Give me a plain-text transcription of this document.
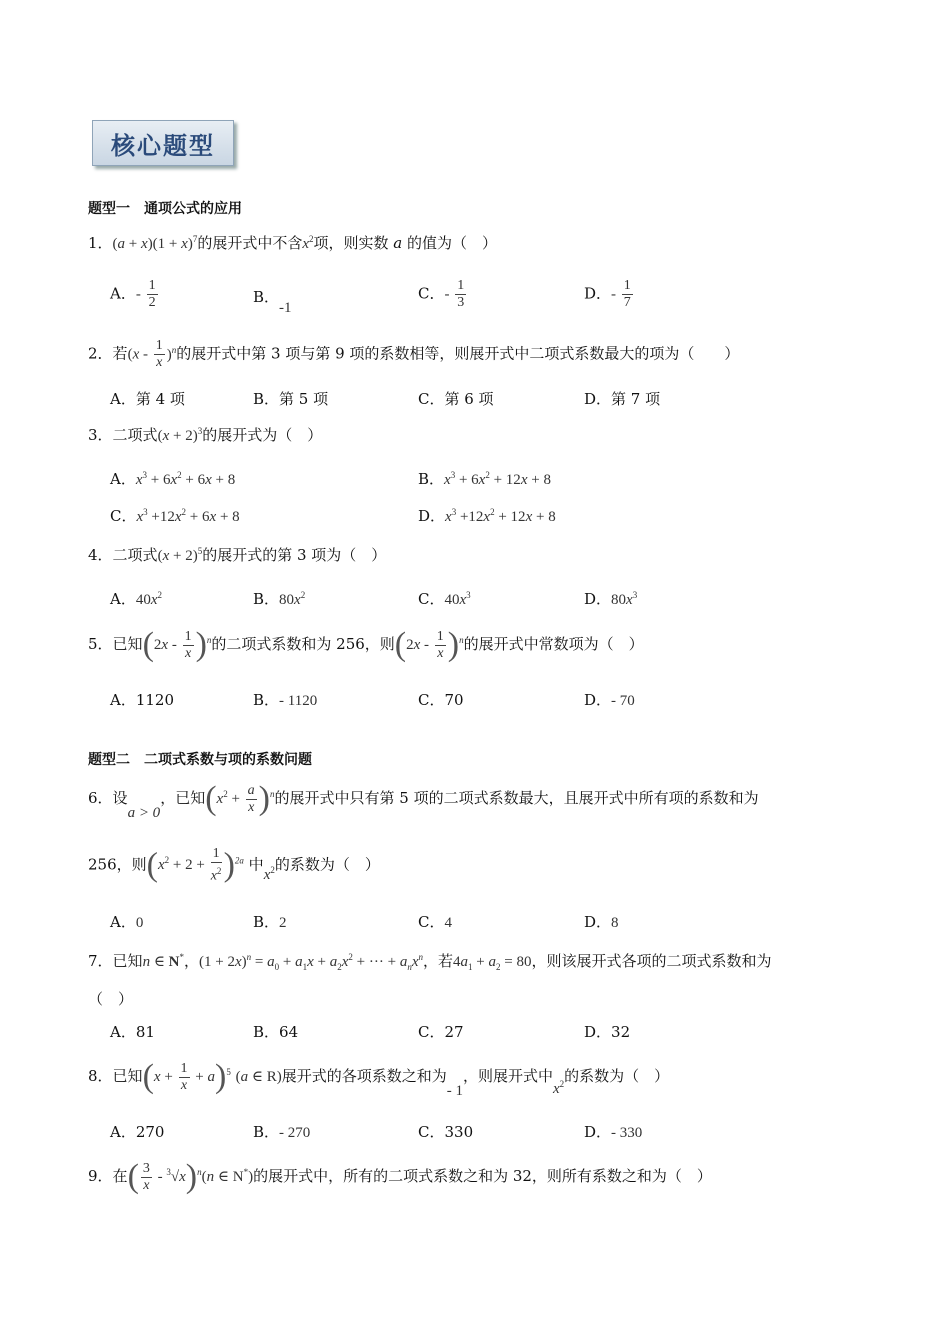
核心题型
题型一　通项公式的应用
1．$(a + x)(1 + x)^7$的展开式中不含$x^2$项，则实数 a 的值为（　）
A．- $\frac{1}{2}$	B．-1
C．- $\frac{1}{3}$	D．- $\frac{1}{7}$
2．若$(x - \frac{1}{x} )^n$的展开式中第 3 项与第 9 项的系数相等，则展开式中二项式系数最大的项为（　　）
A．第 4 项	B．第 5 项	C．第 6 项	D．第 7 项
3．二项式$(x + 2)^3$的展开式为（　）
A．$x^3 + 6x^2 + 6x + 8$	B．$x^3 + 6x^2 + 12x + 8$
C．$x^3 +12x^2 + 6x + 8$	D．$x^3 +12x^2 + 12x + 8$
4．二项式$(x + 2)^5$的展开式的第 3 项为（　）
A．$40x^2$	B．$80x^2$	C．$40x^3$	D．$80x^3$
5．已知$(2x - \frac{1}{x} )^n$的二项式系数和为 256，则$(2x - \frac{1}{x} )^n$的展开式中常数项为（　）
A．1120	B．- 1120	C．70	D．- 70
题型二　二项式系数与项的系数问题
6．设a > 0，已知$(x^2 + \frac{a}{x} )^n$的展开式中只有第 5 项的二项式系数最大，且展开式中所有项的系数和为
256，则$(x^2 + 2 + \frac{1}{x^2} )^{2a}$ 中$x^2$的系数为（　）
A．0	B．2	C．4	D．8
7．已知n ∈ N*，$(1 + 2x)^n = a_0 + a_1x + a_2x^2$ + ··· + $a_nx^n$，若$4a_1 + a_2 = 80$，则该展开式各项的二项式系数和为
（　）
A．81	B．64	C．27	D．32
8．已知$(x + \frac{1}{x} + a)^5$ (a ∈ R)展开式的各项系数之和为- 1，则展开式中$x^2$的系数为（　）
A．270	B．- 270	C．330	D．- 330
9．在( $\frac{3}{x} - ^3√x)^n(n$ ∈ N*)的展开式中，所有的二项式系数之和为 32，则所有系数之和为（　）
